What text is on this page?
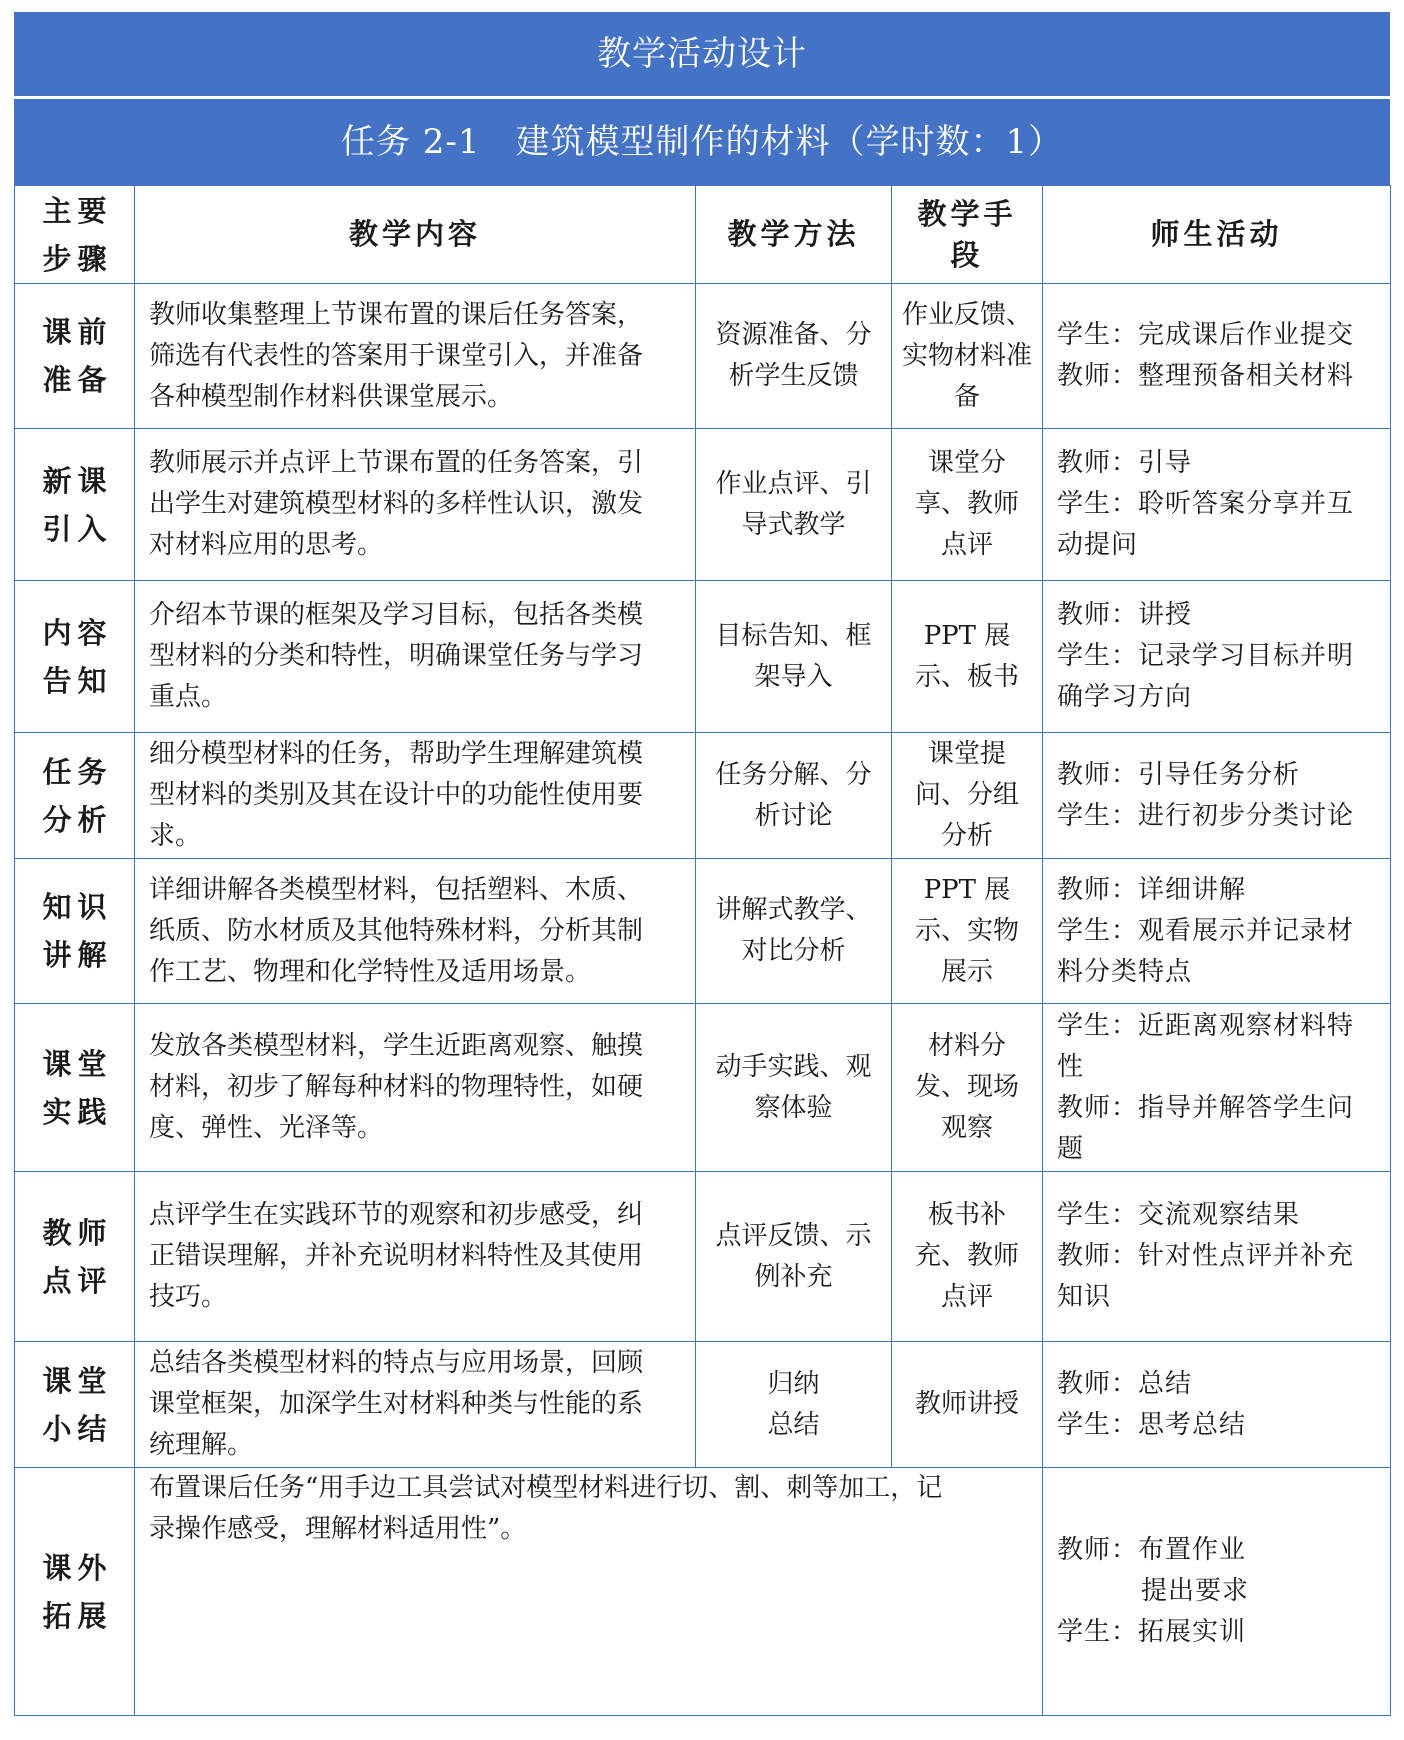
教学活动设计
任务 2-1　建筑模型制作的材料（学时数：1）
主要
步骤	教学内容	教学方法	教学手段	师生活动

课前
准备	教师收集整理上节课布置的课后任务答案，
筛选有代表性的答案用于课堂引入，并准备
各种模型制作材料供课堂展示。	资源准备、分
析学生反馈	作业反馈、
实物材料准
备	学生：完成课后作业提交
教师：整理预备相关材料

新课
引入	教师展示并点评上节课布置的任务答案，引
出学生对建筑模型材料的多样性认识，激发
对材料应用的思考。	作业点评、引
导式教学	课堂分
享、教师
点评	教师：引导
学生：聆听答案分享并互
动提问

内容
告知	介绍本节课的框架及学习目标，包括各类模
型材料的分类和特性，明确课堂任务与学习
重点。	目标告知、框
架导入	PPT 展
示、板书	教师：讲授
学生：记录学习目标并明
确学习方向

任务
分析	细分模型材料的任务，帮助学生理解建筑模
型材料的类别及其在设计中的功能性使用要
求。	任务分解、分
析讨论	课堂提
问、分组
分析	教师：引导任务分析
学生：进行初步分类讨论

知识
讲解	详细讲解各类模型材料，包括塑料、木质、
纸质、防水材质及其他特殊材料，分析其制
作工艺、物理和化学特性及适用场景。	讲解式教学、
对比分析	PPT 展
示、实物
展示	教师：详细讲解
学生：观看展示并记录材
料分类特点

课堂
实践	发放各类模型材料，学生近距离观察、触摸
材料，初步了解每种材料的物理特性，如硬
度、弹性、光泽等。	动手实践、观
察体验	材料分
发、现场
观察	学生：近距离观察材料特
性
教师：指导并解答学生问
题

教师
点评	点评学生在实践环节的观察和初步感受，纠
正错误理解，并补充说明材料特性及其使用
技巧。	点评反馈、示
例补充	板书补
充、教师
点评	学生：交流观察结果
教师：针对性点评并补充
知识

课堂
小结	总结各类模型材料的特点与应用场景，回顾
课堂框架，加深学生对材料种类与性能的系
统理解。	归纳
总结	教师讲授	教师：总结
学生：思考总结

课外
拓展	布置课后任务“用手边工具尝试对模型材料进行切、割、刺等加工，记
录操作感受，理解材料适用性”。			教师：布置作业
提出要求
学生：拓展实训
